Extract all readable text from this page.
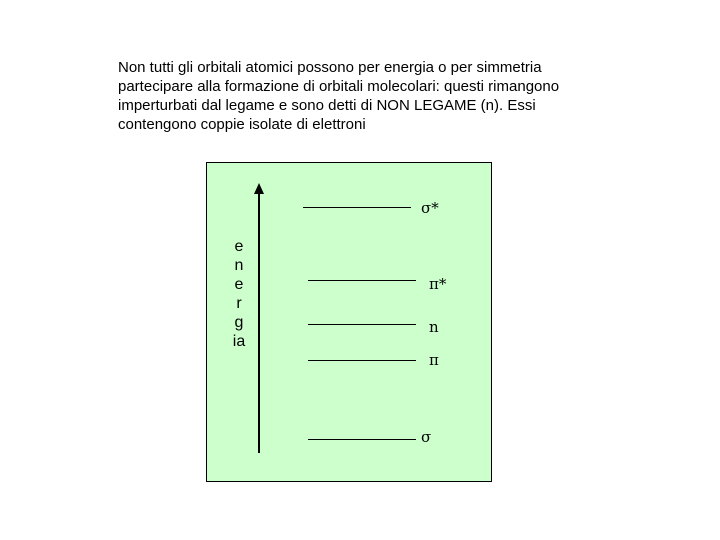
Non tutti gli orbitali atomici possono per energia o per simmetria
partecipare alla formazione di orbitali molecolari: questi rimangono
imperturbati dal legame e sono detti di NON LEGAME (n). Essi
contengono coppie isolate di elettroni
e
n
e
r
g
ia
σ*
π*
n
π
σ
